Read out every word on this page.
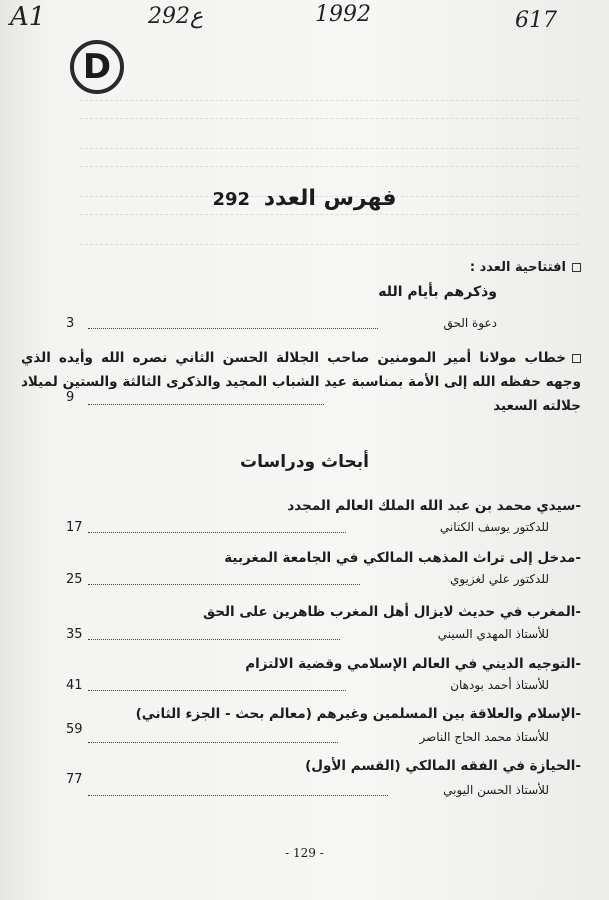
A1	292ع	1992	617
D
فهرس العدد 292
افتتاحية العدد :
وذكرهم بأيام الله
دعوة الحق
3
خطاب مولانا أمير المومنين صاحب الجلالة الحسن الثاني نصره الله وأيده الذي وجهه حفظه الله إلى الأمة بمناسبة عيد الشباب المجيد والذكرى الثالثة والستين لميلاد جلالته السعيد
9
أبحاث ودراسات
-سيدي محمد بن عبد الله الملك العالم المجدد
للدكتور يوسف الكتاني
17
-مدخل إلى تراث المذهب المالكي في الجامعة المغربية
للدكتور علي لغزيوي
25
-المغرب في حديث لايزال أهل المغرب ظاهرين على الحق
للأستاذ المهدي السيني
35
-التوجيه الديني في العالم الإسلامي وقضية الالتزام
للأستاذ أحمد بودهان
41
-الإسلام والعلاقة بين المسلمين وغيرهم (معالم بحث - الجزء الثاني)
للأستاذ محمد الحاج الناصر
59
-الحيازة في الفقه المالكي (القسم الأول)
للأستاذ الحسن اليوبي
77
- 129 -
